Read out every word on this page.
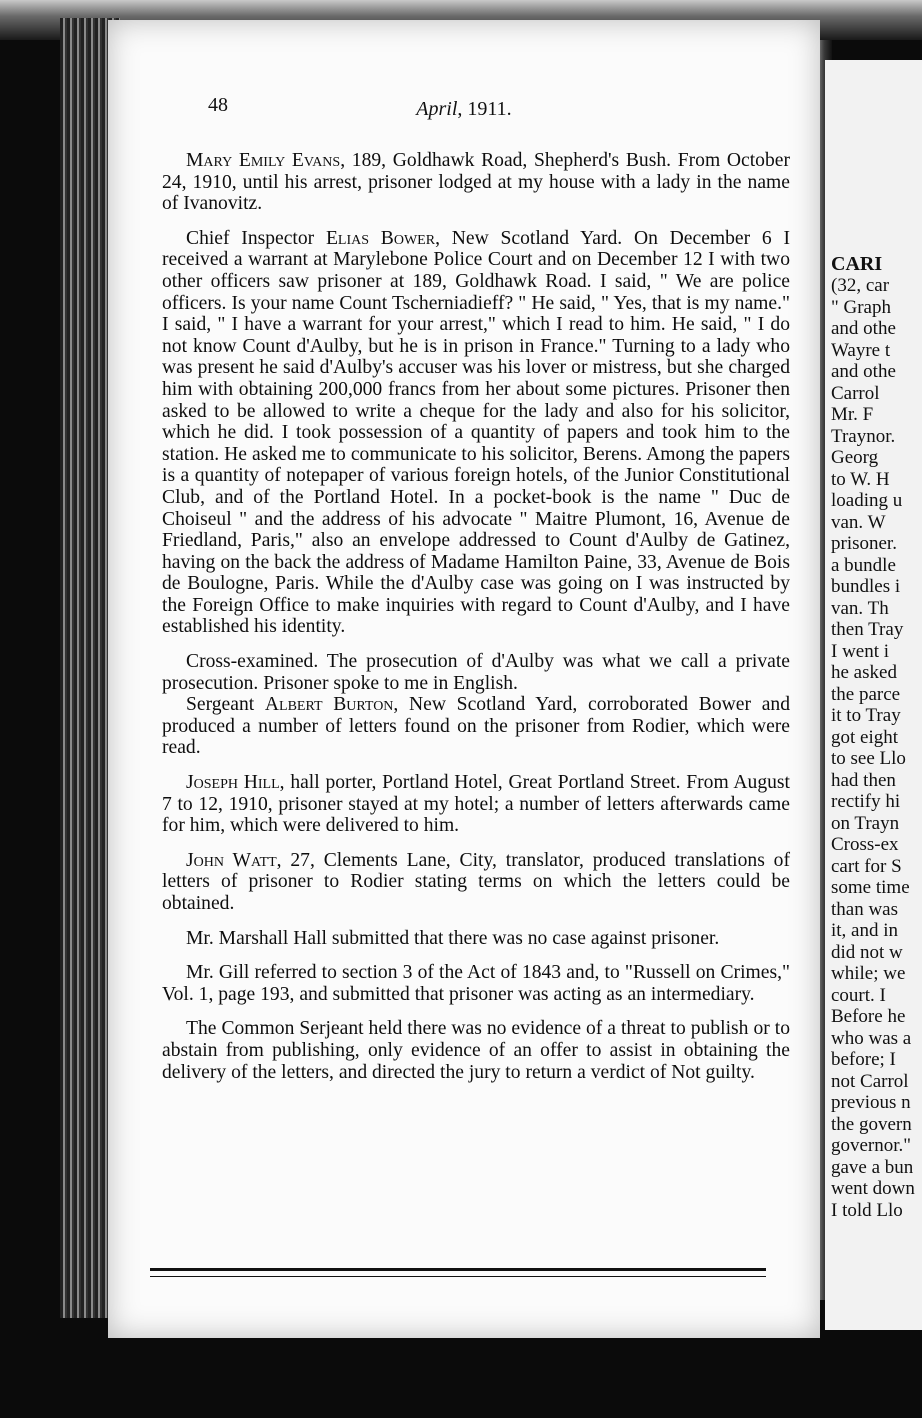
CARI
(32, car
" Graph
and othe
Wayre t
and othe
Carrol
Mr. F
Traynor.
Georg
to W. H
loading u
van. W
prisoner.
a bundle
bundles i
van. Th
then Tray
I went i
he asked
the parce
it to Tray
got eight
to see Llo
had then
rectify hi
on Trayn
Cross-ex
cart for S
some time
than was
it, and in
did not w
while; we
court. I
Before he
who was a
before; I
not Carrol
previous n
the govern
governor."
gave a bun
went down
I told Llo
48	April, 1911.

Mary Emily Evans, 189, Goldhawk Road, Shepherd's Bush. From October 24, 1910, until his arrest, prisoner lodged at my house with a lady in the name of Ivanovitz.

Chief Inspector Elias Bower, New Scotland Yard. On December 6 I received a warrant at Marylebone Police Court and on December 12 I with two other officers saw prisoner at 189, Goldhawk Road. I said, " We are police officers. Is your name Count Tscherniadieff? " He said, " Yes, that is my name." I said, " I have a warrant for your arrest," which I read to him. He said, " I do not know Count d'Aulby, but he is in prison in France." Turning to a lady who was present he said d'Aulby's accuser was his lover or mistress, but she charged him with obtaining 200,000 francs from her about some pictures. Prisoner then asked to be allowed to write a cheque for the lady and also for his solicitor, which he did. I took possession of a quantity of papers and took him to the station. He asked me to communicate to his solicitor, Berens. Among the papers is a quantity of notepaper of various foreign hotels, of the Junior Constitutional Club, and of the Portland Hotel. In a pocket-book is the name " Duc de Choiseul " and the address of his advocate " Maitre Plumont, 16, Avenue de Friedland, Paris," also an envelope addressed to Count d'Aulby de Gatinez, having on the back the address of Madame Hamilton Paine, 33, Avenue de Bois de Boulogne, Paris. While the d'Aulby case was going on I was instructed by the Foreign Office to make inquiries with regard to Count d'Aulby, and I have established his identity.

Cross-examined. The prosecution of d'Aulby was what we call a private prosecution. Prisoner spoke to me in English.

Sergeant Albert Burton, New Scotland Yard, corroborated Bower and produced a number of letters found on the prisoner from Rodier, which were read.

Joseph Hill, hall porter, Portland Hotel, Great Portland Street. From August 7 to 12, 1910, prisoner stayed at my hotel; a number of letters afterwards came for him, which were delivered to him.

John Watt, 27, Clements Lane, City, translator, produced translations of letters of prisoner to Rodier stating terms on which the letters could be obtained.

Mr. Marshall Hall submitted that there was no case against prisoner.

Mr. Gill referred to section 3 of the Act of 1843 and, to "Russell on Crimes," Vol. 1, page 193, and submitted that prisoner was acting as an intermediary.

The Common Serjeant held there was no evidence of a threat to publish or to abstain from publishing, only evidence of an offer to assist in obtaining the delivery of the letters, and directed the jury to return a verdict of Not guilty.
